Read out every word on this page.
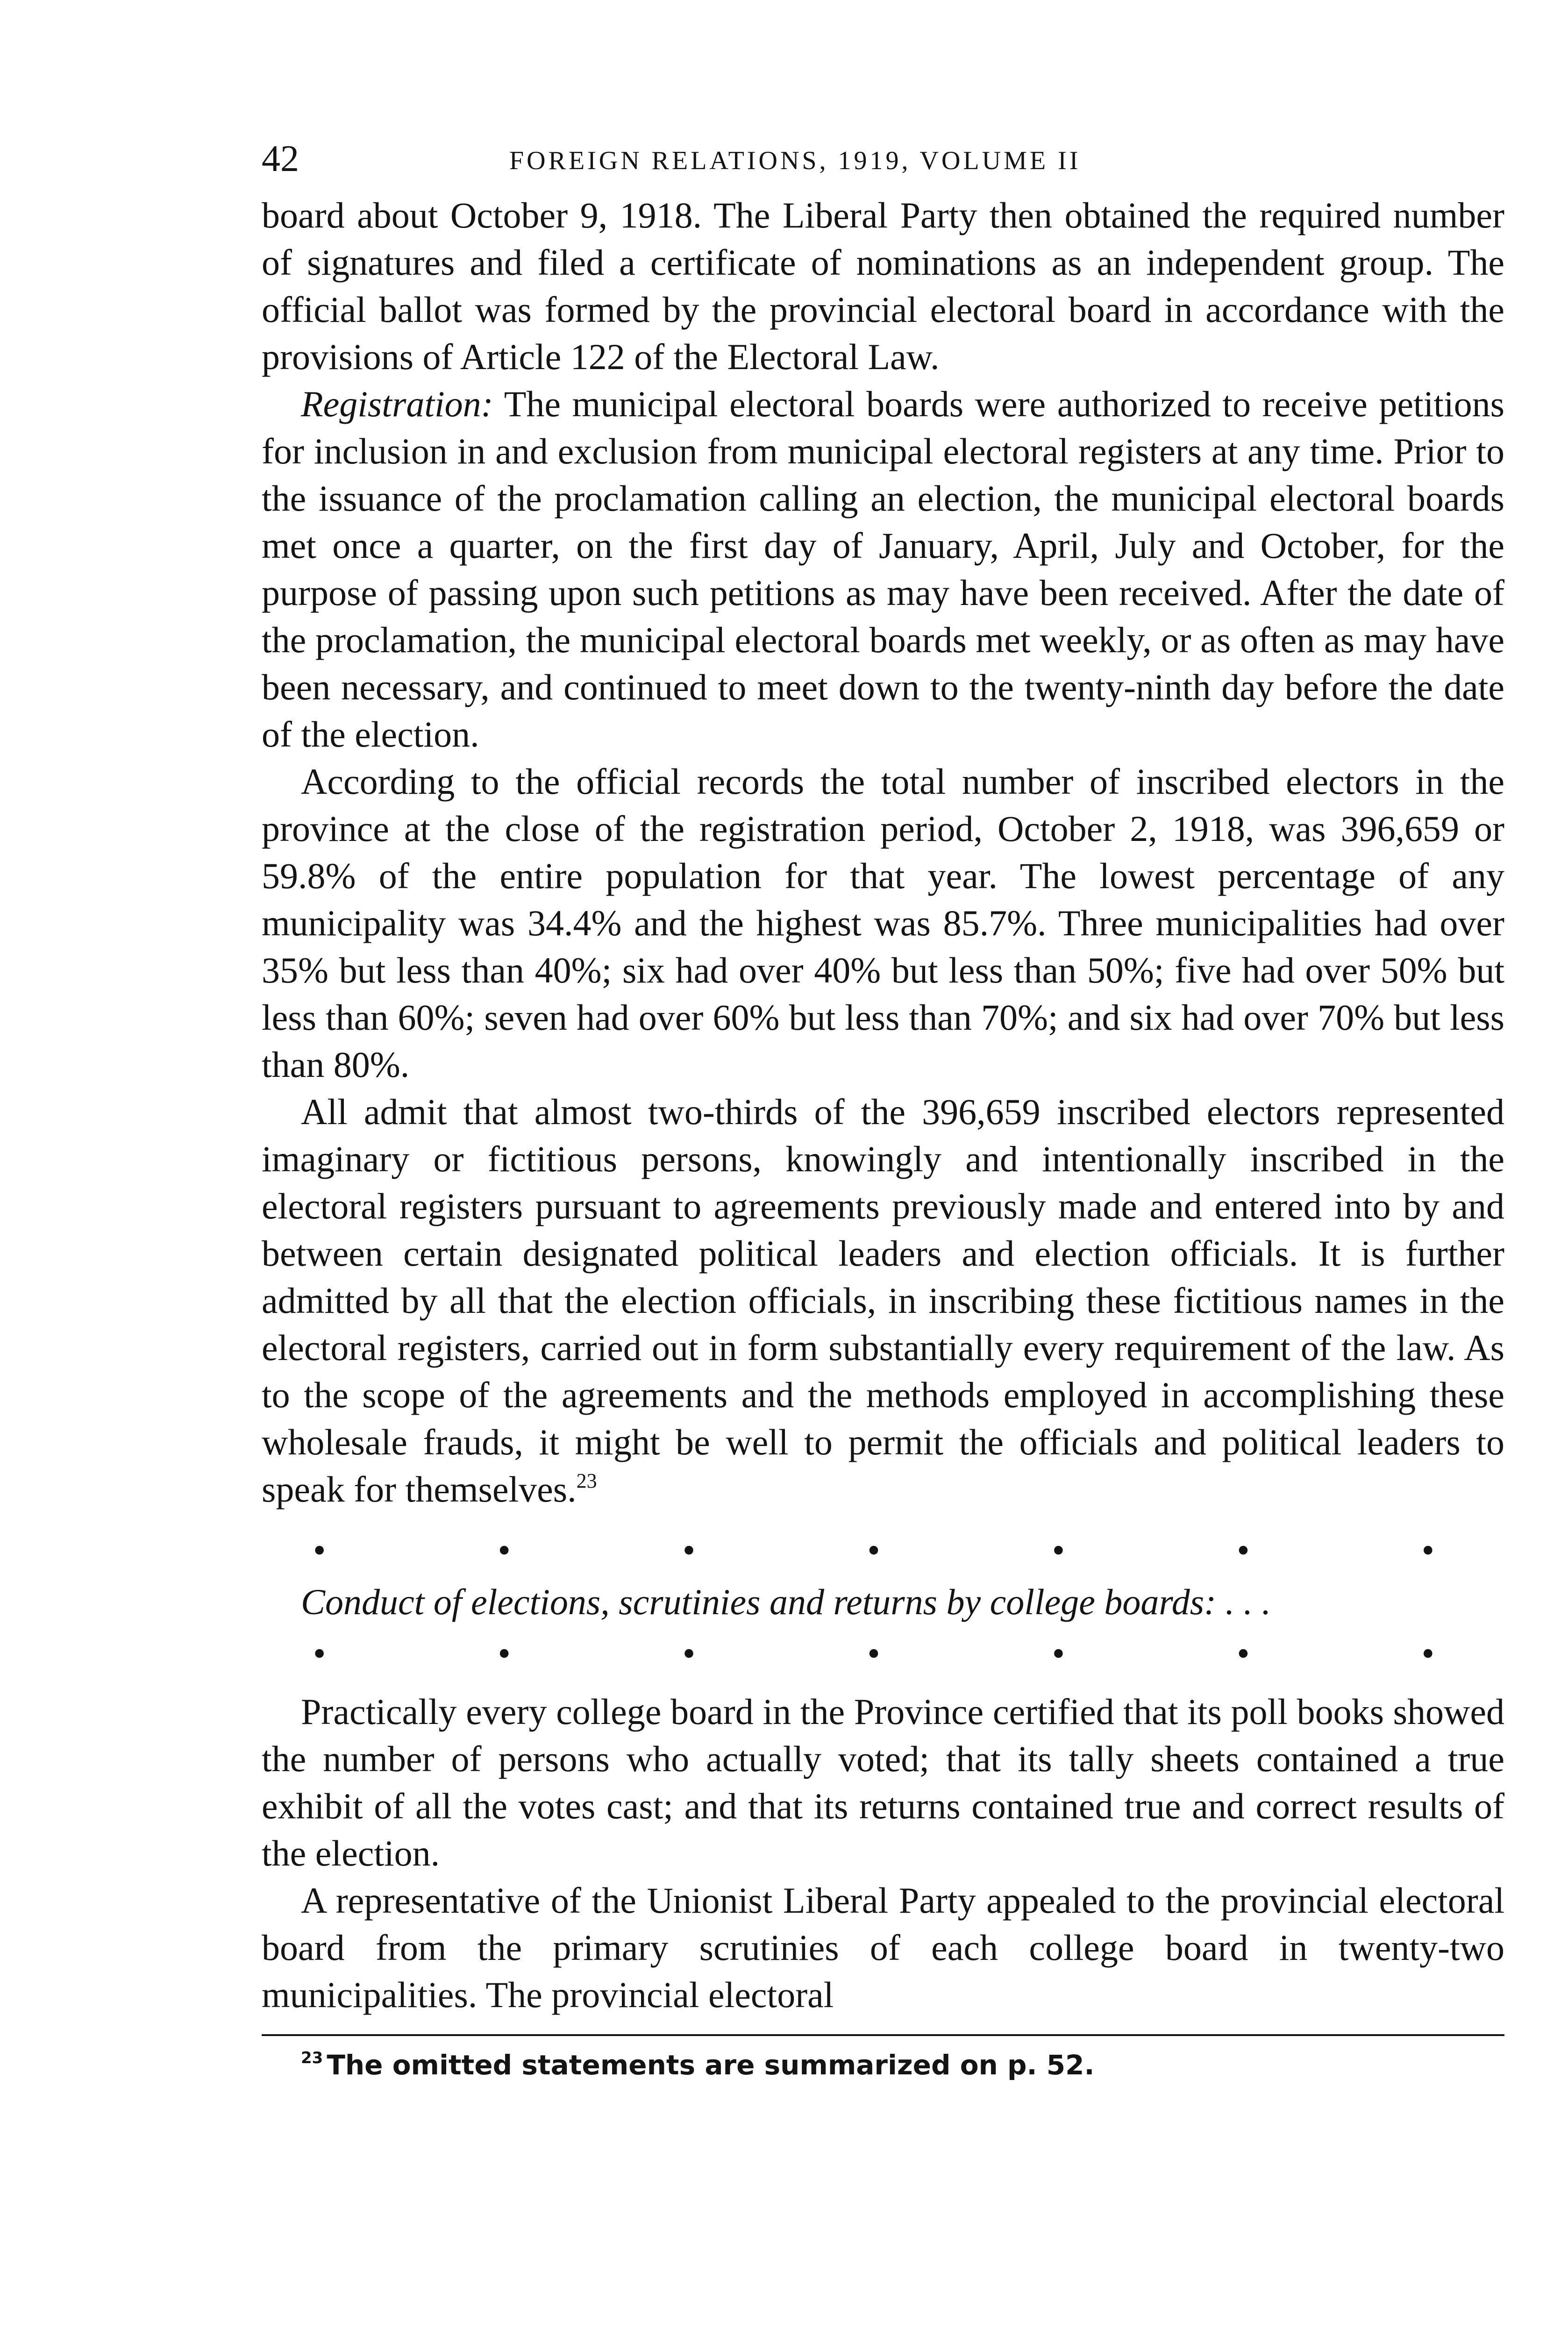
42	FOREIGN RELATIONS, 1919, VOLUME II

board about October 9, 1918. The Liberal Party then obtained the required number of signatures and filed a certificate of nominations as an independent group. The official ballot was formed by the provincial electoral board in accordance with the provisions of Article 122 of the Electoral Law.

Registration: The municipal electoral boards were authorized to receive petitions for inclusion in and exclusion from municipal electoral registers at any time. Prior to the issuance of the proclamation calling an election, the municipal electoral boards met once a quarter, on the first day of January, April, July and October, for the purpose of passing upon such petitions as may have been received. After the date of the proclamation, the municipal electoral boards met weekly, or as often as may have been necessary, and continued to meet down to the twenty-ninth day before the date of the election.

According to the official records the total number of inscribed electors in the province at the close of the registration period, October 2, 1918, was 396,659 or 59.8% of the entire population for that year. The lowest percentage of any municipality was 34.4% and the highest was 85.7%. Three municipalities had over 35% but less than 40%; six had over 40% but less than 50%; five had over 50% but less than 60%; seven had over 60% but less than 70%; and six had over 70% but less than 80%.

All admit that almost two-thirds of the 396,659 inscribed electors represented imaginary or fictitious persons, knowingly and intentionally inscribed in the electoral registers pursuant to agreements previously made and entered into by and between certain designated political leaders and election officials. It is further admitted by all that the election officials, in inscribing these fictitious names in the electoral registers, carried out in form substantially every requirement of the law. As to the scope of the agreements and the methods employed in accomplishing these wholesale frauds, it might be well to permit the officials and political leaders to speak for themselves.$^{23}$

•	•	•	•	•	•	•

Conduct of elections, scrutinies and returns by college boards: . . .

•	•	•	•	•	•	•

Practically every college board in the Province certified that its poll books showed the number of persons who actually voted; that its tally sheets contained a true exhibit of all the votes cast; and that its returns contained true and correct results of the election.

A representative of the Unionist Liberal Party appealed to the provincial electoral board from the primary scrutinies of each college board in twenty-two municipalities. The provincial electoral

$^{23}$ The omitted statements are summarized on p. 52.
